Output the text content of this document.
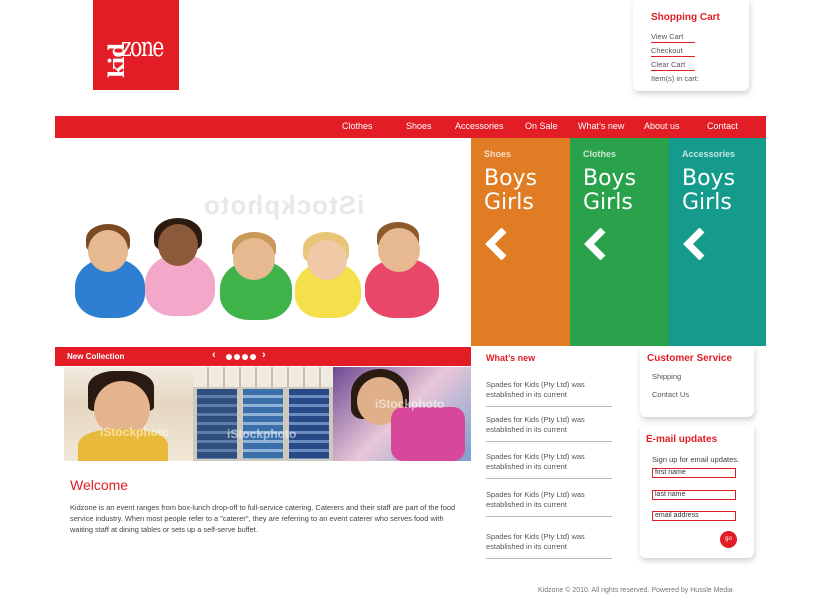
kid
zone
Shopping Cart
View Cart
Checkout
Clear Cart
Item(s) in cart:
Clothes	Shoes	Accessories On Sale What’s new About us	Contact
iStockphoto
Shoes
Boys
Girls
Clothes
Boys
Girls
Accessories
Boys
Girls
New Collection	‹	›
iStockphoto	iStockphoto
iStockphoto
Welcome
Kidzone is an event ranges from box-lunch drop-off to full-service catering. Caterers and their staff are part of the food service industry. When most people refer to a "caterer", they are referring to an event caterer who serves food with waiting staff at dining tables or sets up a self-serve buffet.
What’s new
Spades for Kids (Pty Ltd) was established in its current
Spades for Kids (Pty Ltd) was established in its current
Spades for Kids (Pty Ltd) was established in its current
Spades for Kids (Pty Ltd) was established in its current
Spades for Kids (Pty Ltd) was established in its current
Customer Service
Shipping
Contact Us
E-mail updates
Sign up for email updates.
first name
last name
email address
go
Kidzone © 2010. All rights reserved. Powered by Hussle Media
